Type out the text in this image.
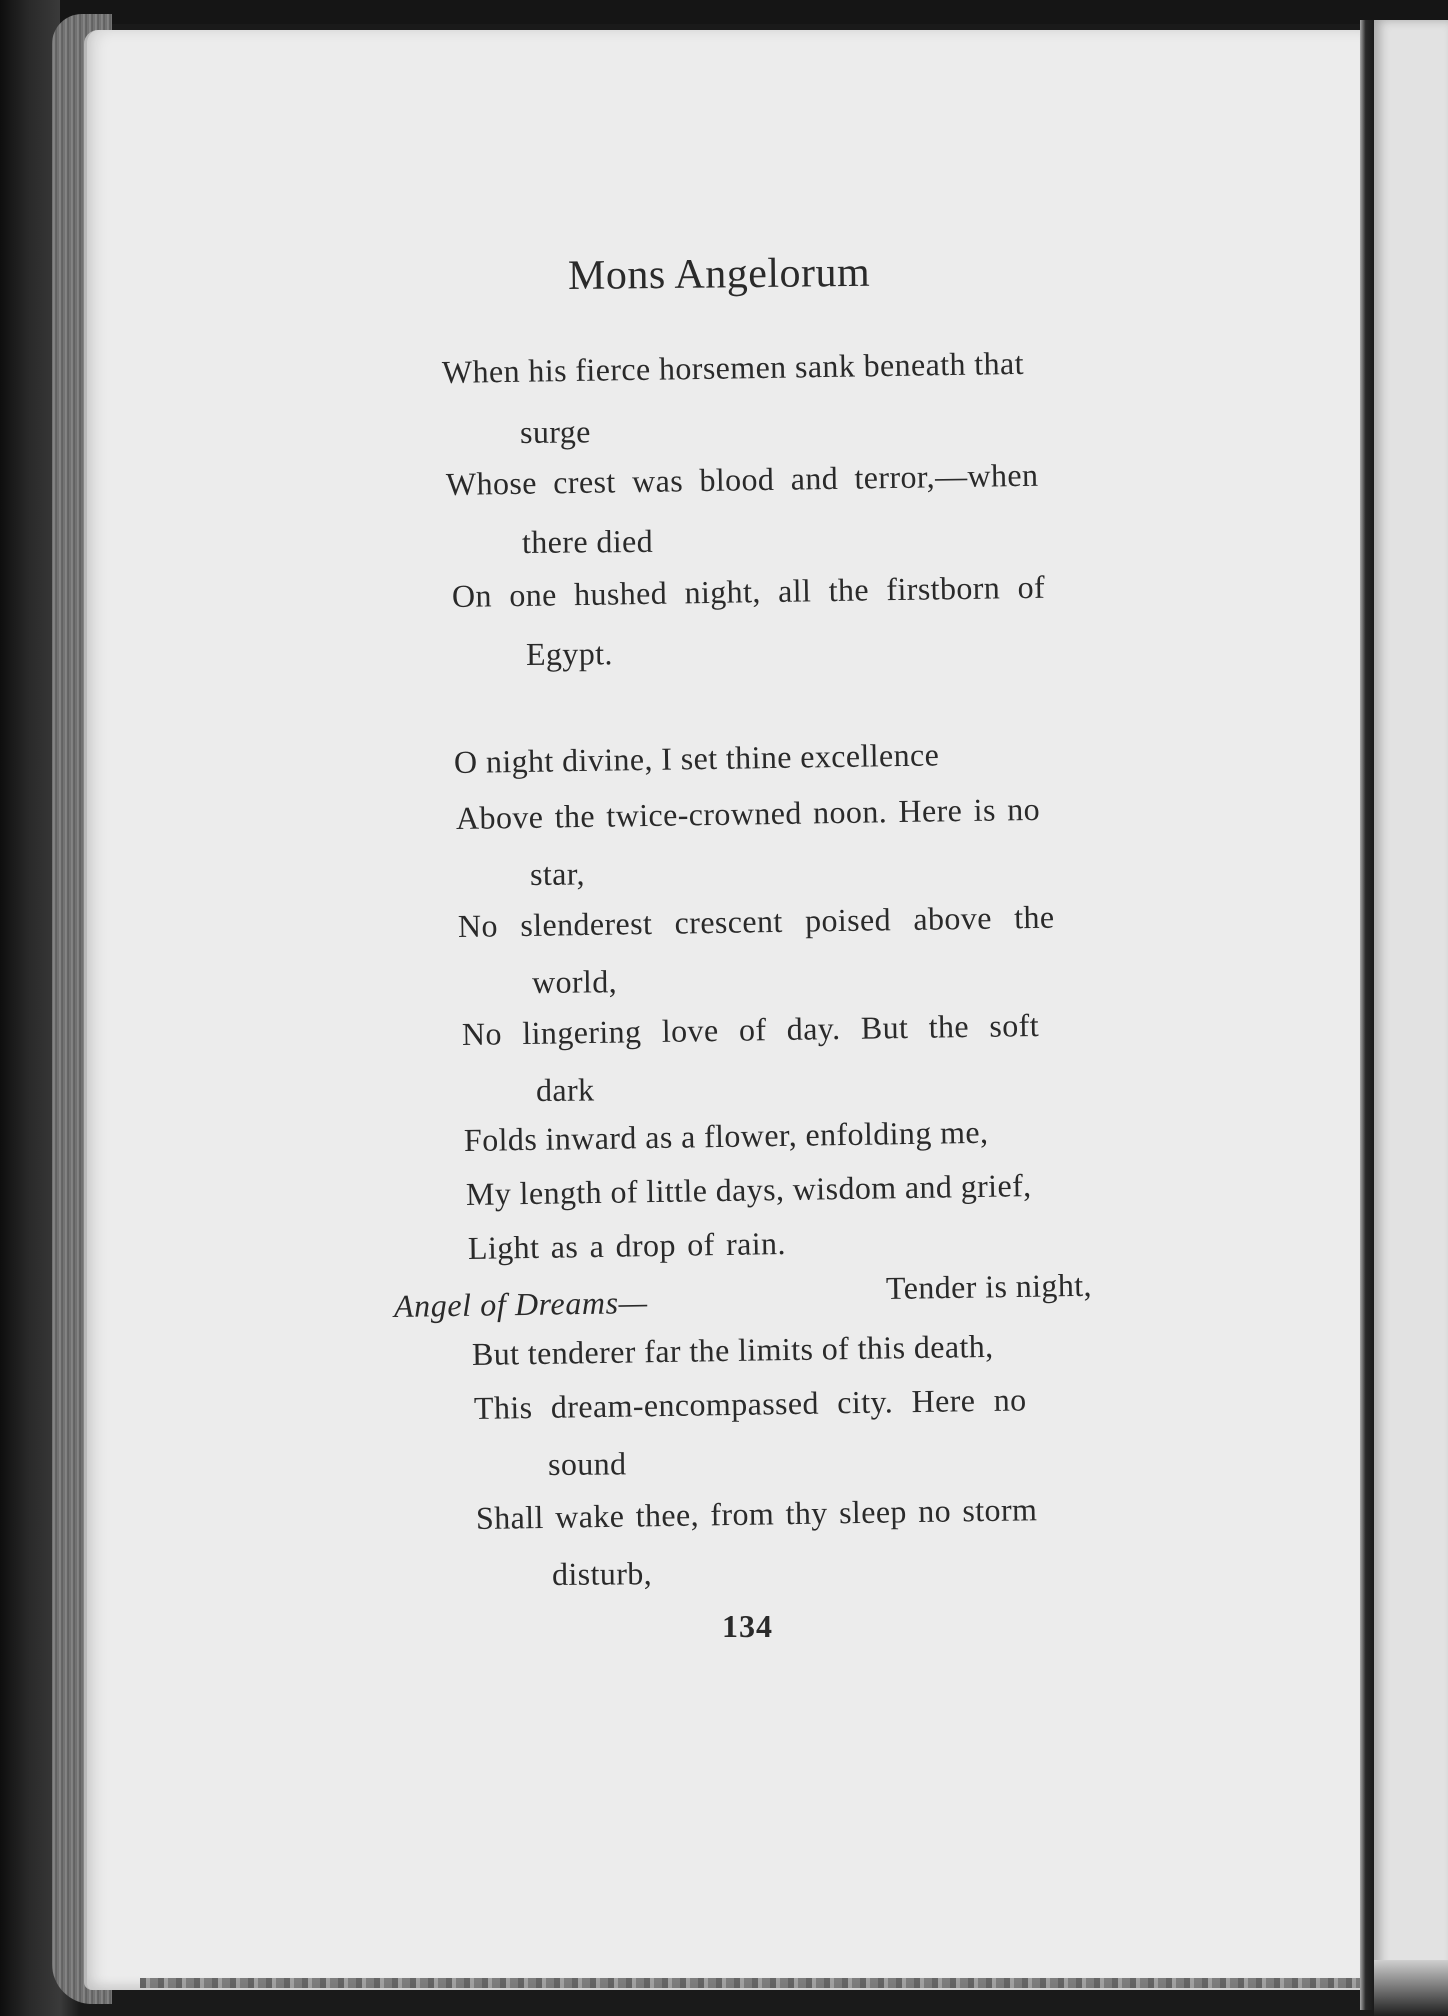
Mons Angelorum
When his fierce horsemen sank beneath that
surge
Whose crest was blood and terror,—when
there died
On one hushed night, all the firstborn of
Egypt.
O night divine, I set thine excellence
Above the twice-crowned noon. Here is no
star,
No slenderest crescent poised above the
world,
No lingering love of day. But the soft
dark
Folds inward as a flower, enfolding me,
My length of little days, wisdom and grief,
Light as a drop of rain.
Angel of Dreams—	Tender is night,
But tenderer far the limits of this death,
This dream-encompassed city. Here no
sound
Shall wake thee, from thy sleep no storm
disturb,
134
